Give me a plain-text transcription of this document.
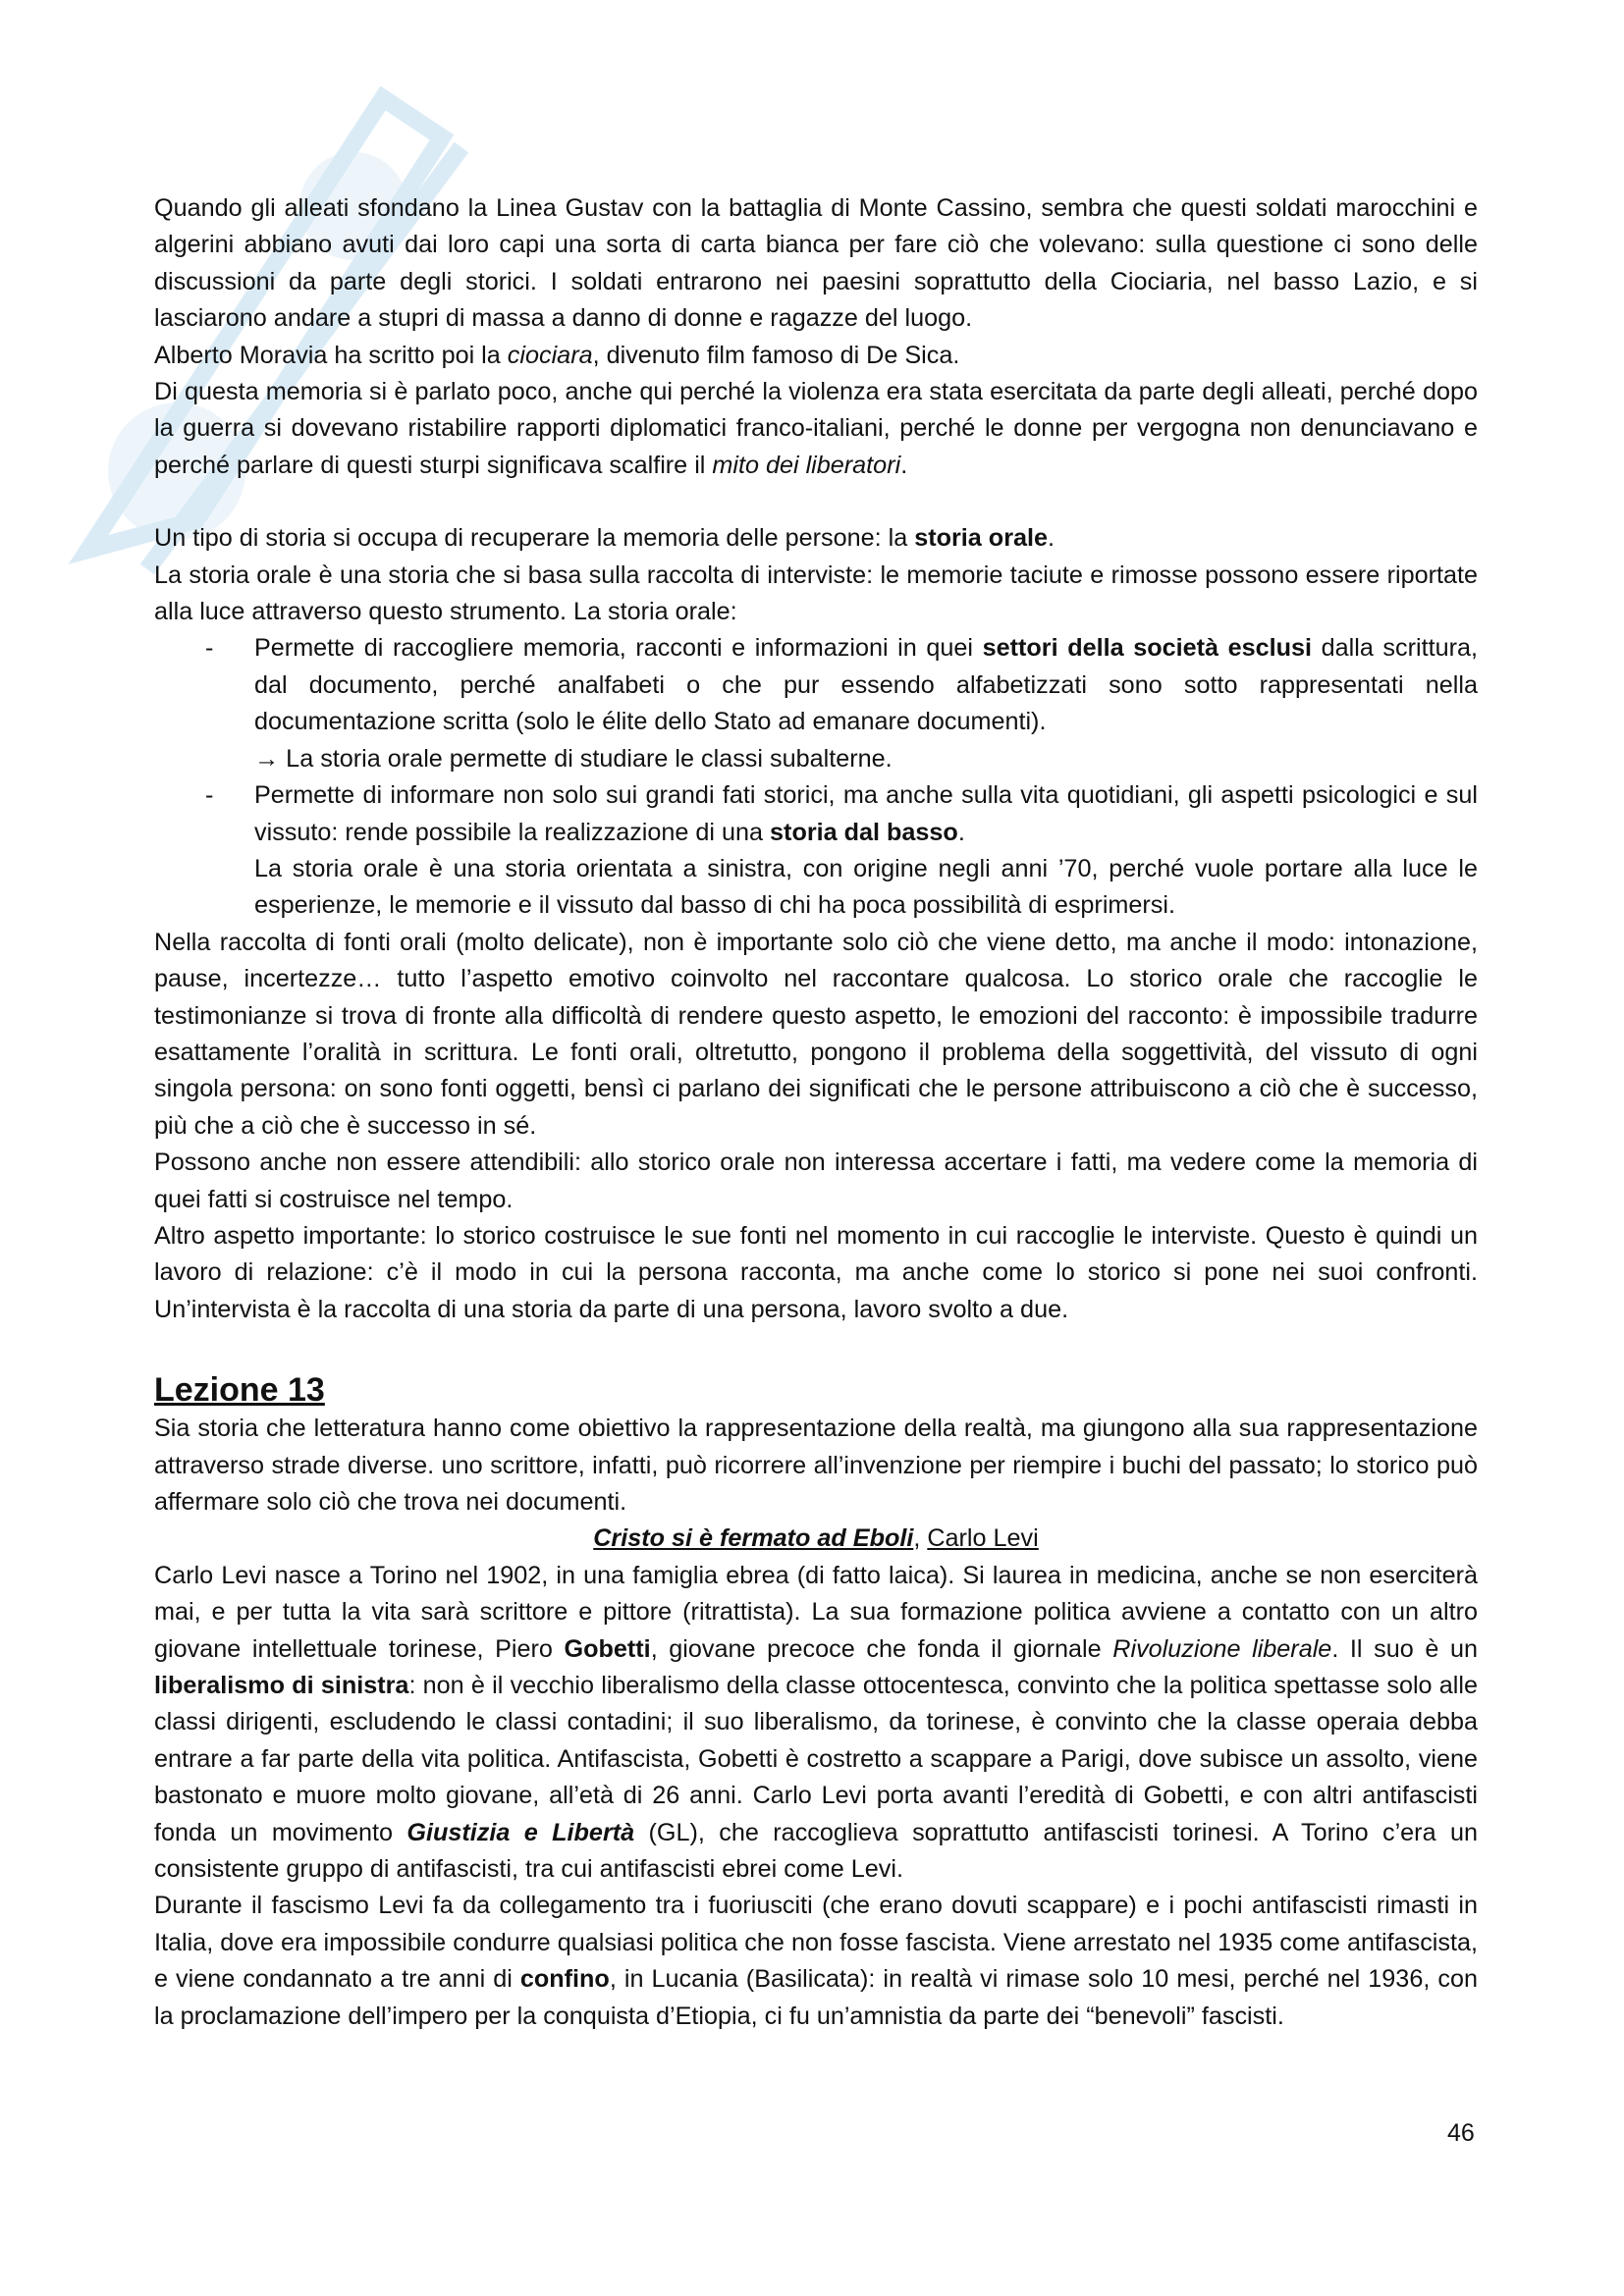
Quando gli alleati sfondano la Linea Gustav con la battaglia di Monte Cassino, sembra che questi soldati marocchini e algerini abbiano avuti dai loro capi una sorta di carta bianca per fare ciò che volevano: sulla questione ci sono delle discussioni da parte degli storici. I soldati entrarono nei paesini soprattutto della Ciociaria, nel basso Lazio, e si lasciarono andare a stupri di massa a danno di donne e ragazze del luogo.

Alberto Moravia ha scritto poi la ciociara, divenuto film famoso di De Sica.

Di questa memoria si è parlato poco, anche qui perché la violenza era stata esercitata da parte degli alleati, perché dopo la guerra si dovevano ristabilire rapporti diplomatici franco-italiani, perché le donne per vergogna non denunciavano e perché parlare di questi sturpi significava scalfire il mito dei liberatori.

Un tipo di storia si occupa di recuperare la memoria delle persone: la storia orale.

La storia orale è una storia che si basa sulla raccolta di interviste: le memorie taciute e rimosse possono essere riportate alla luce attraverso questo strumento. La storia orale:

- Permette di raccogliere memoria, racconti e informazioni in quei settori della società esclusi dalla scrittura, dal documento, perché analfabeti o che pur essendo alfabetizzati sono sotto rappresentati nella documentazione scritta (solo le élite dello Stato ad emanare documenti).
→ La storia orale permette di studiare le classi subalterne.
- Permette di informare non solo sui grandi fati storici, ma anche sulla vita quotidiani, gli aspetti psicologici e sul vissuto: rende possibile la realizzazione di una storia dal basso.
La storia orale è una storia orientata a sinistra, con origine negli anni ’70, perché vuole portare alla luce le esperienze, le memorie e il vissuto dal basso di chi ha poca possibilità di esprimersi.

Nella raccolta di fonti orali (molto delicate), non è importante solo ciò che viene detto, ma anche il modo: intonazione, pause, incertezze… tutto l’aspetto emotivo coinvolto nel raccontare qualcosa. Lo storico orale che raccoglie le testimonianze si trova di fronte alla difficoltà di rendere questo aspetto, le emozioni del racconto: è impossibile tradurre esattamente l’oralità in scrittura. Le fonti orali, oltretutto, pongono il problema della soggettività, del vissuto di ogni singola persona: on sono fonti oggetti, bensì ci parlano dei significati che le persone attribuiscono a ciò che è successo, più che a ciò che è successo in sé.

Possono anche non essere attendibili: allo storico orale non interessa accertare i fatti, ma vedere come la memoria di quei fatti si costruisce nel tempo.

Altro aspetto importante: lo storico costruisce le sue fonti nel momento in cui raccoglie le interviste. Questo è quindi un lavoro di relazione: c’è il modo in cui la persona racconta, ma anche come lo storico si pone nei suoi confronti. Un’intervista è la raccolta di una storia da parte di una persona, lavoro svolto a due.

Lezione 13

Sia storia che letteratura hanno come obiettivo la rappresentazione della realtà, ma giungono alla sua rappresentazione attraverso strade diverse. uno scrittore, infatti, può ricorrere all’invenzione per riempire i buchi del passato; lo storico può affermare solo ciò che trova nei documenti.

Cristo si è fermato ad Eboli, Carlo Levi

Carlo Levi nasce a Torino nel 1902, in una famiglia ebrea (di fatto laica). Si laurea in medicina, anche se non eserciterà mai, e per tutta la vita sarà scrittore e pittore (ritrattista). La sua formazione politica avviene a contatto con un altro giovane intellettuale torinese, Piero Gobetti, giovane precoce che fonda il giornale Rivoluzione liberale. Il suo è un liberalismo di sinistra: non è il vecchio liberalismo della classe ottocentesca, convinto che la politica spettasse solo alle classi dirigenti, escludendo le classi contadini; il suo liberalismo, da torinese, è convinto che la classe operaia debba entrare a far parte della vita politica. Antifascista, Gobetti è costretto a scappare a Parigi, dove subisce un assolto, viene bastonato e muore molto giovane, all’età di 26 anni. Carlo Levi porta avanti l’eredità di Gobetti, e con altri antifascisti fonda un movimento Giustizia e Libertà (GL), che raccoglieva soprattutto antifascisti torinesi. A Torino c’era un consistente gruppo di antifascisti, tra cui antifascisti ebrei come Levi.

Durante il fascismo Levi fa da collegamento tra i fuoriusciti (che erano dovuti scappare) e i pochi antifascisti rimasti in Italia, dove era impossibile condurre qualsiasi politica che non fosse fascista. Viene arrestato nel 1935 come antifascista, e viene condannato a tre anni di confino, in Lucania (Basilicata): in realtà vi rimase solo 10 mesi, perché nel 1936, con la proclamazione dell’impero per la conquista d’Etiopia, ci fu un’amnistia da parte dei “benevoli” fascisti.

46
